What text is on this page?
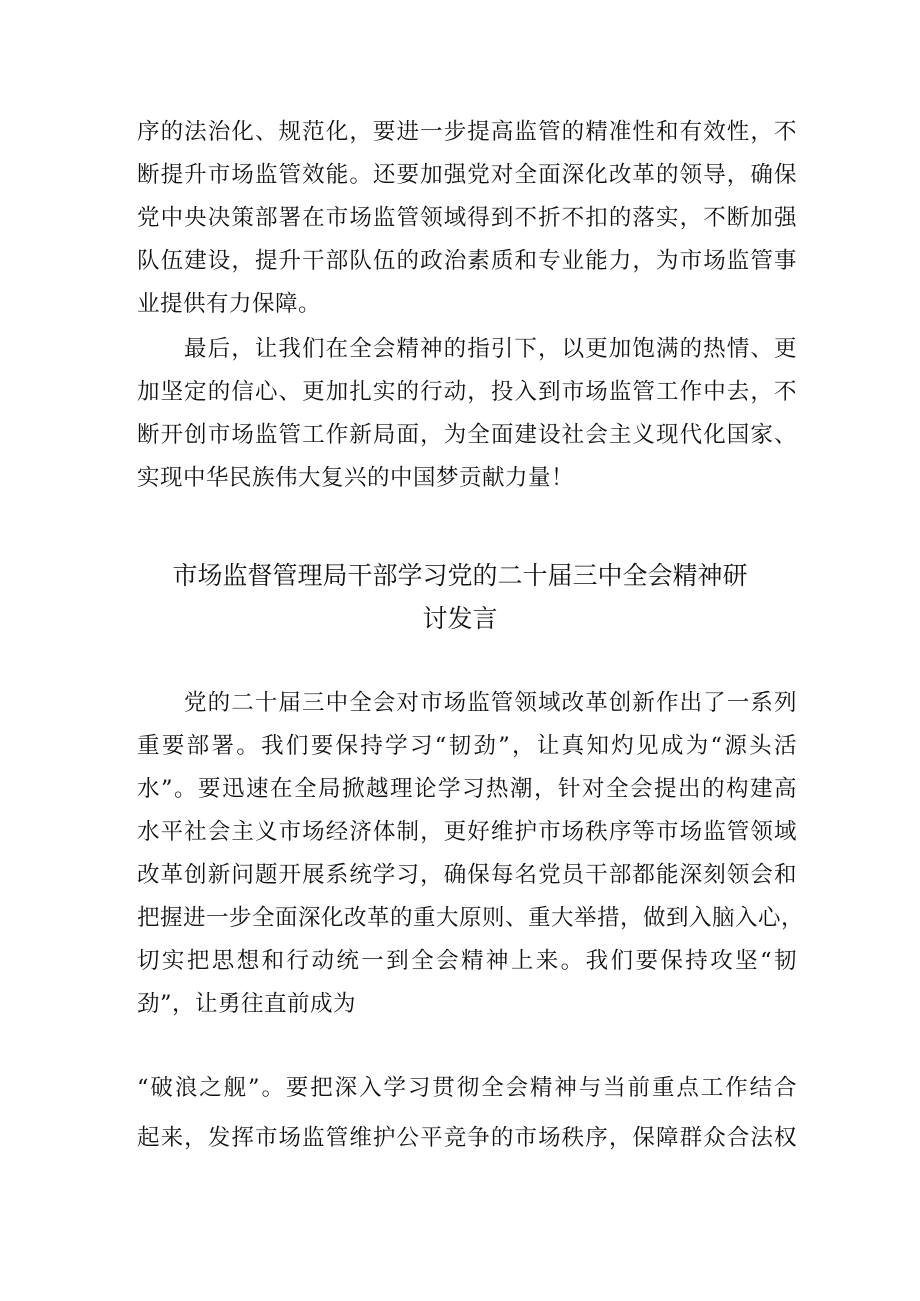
序的法治化、规范化，要进一步提高监管的精准性和有效性，不
断提升市场监管效能。还要加强党对全面深化改革的领导，确保
党中央决策部署在市场监管领域得到不折不扣的落实，不断加强
队伍建设，提升干部队伍的政治素质和专业能力，为市场监管事
业提供有力保障。
最后，让我们在全会精神的指引下，以更加饱满的热情、更
加坚定的信心、更加扎实的行动，投入到市场监管工作中去，不
断开创市场监管工作新局面，为全面建设社会主义现代化国家、
实现中华民族伟大复兴的中国梦贡献力量！
市场监督管理局干部学习党的二十届三中全会精神研
讨发言
党的二十届三中全会对市场监管领域改革创新作出了一系列
重要部署。我们要保持学习“韧劲”，让真知灼见成为“源头活
水”。要迅速在全局掀越理论学习热潮，针对全会提出的构建高
水平社会主义市场经济体制，更好维护市场秩序等市场监管领域
改革创新问题开展系统学习，确保每名党员干部都能深刻领会和
把握进一步全面深化改革的重大原则、重大举措，做到入脑入心，
切实把思想和行动统一到全会精神上来。我们要保持攻坚“韧
劲”，让勇往直前成为
“破浪之舰”。要把深入学习贯彻全会精神与当前重点工作结合
起来，发挥市场监管维护公平竞争的市场秩序，保障群众合法权
